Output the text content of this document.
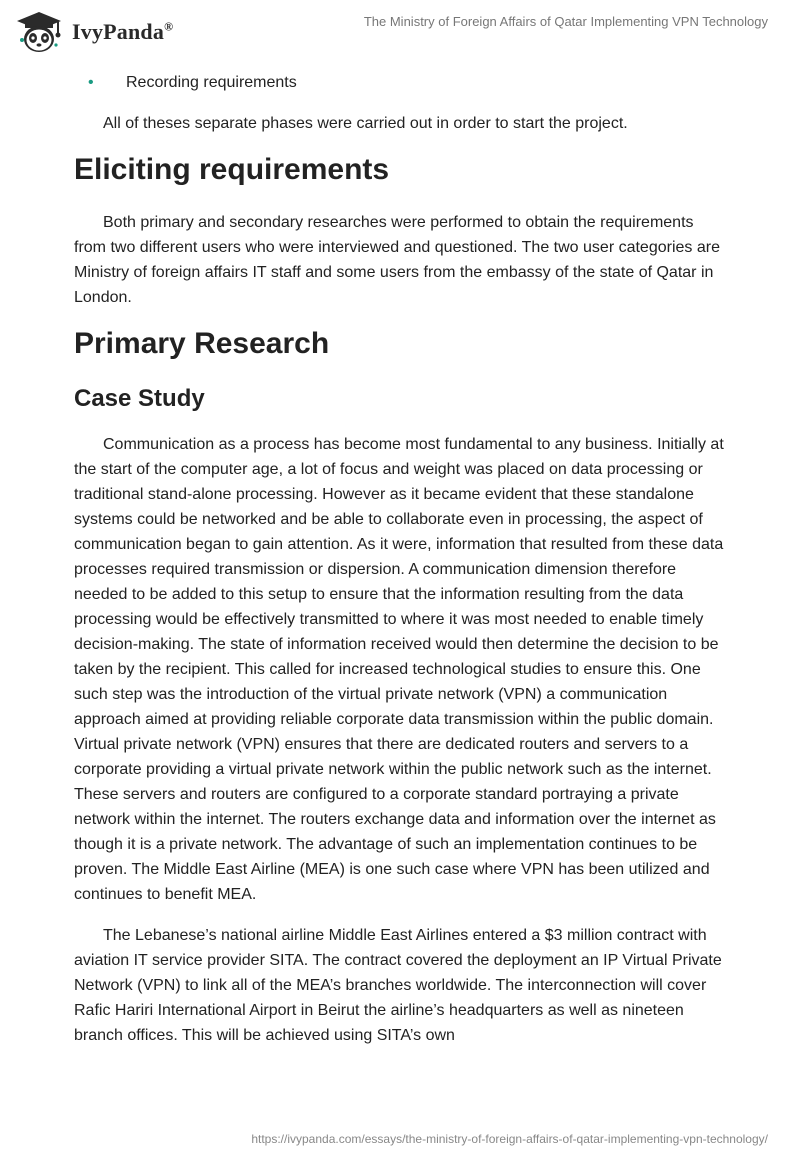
IvyPanda®	The Ministry of Foreign Affairs of Qatar Implementing VPN Technology
•	Recording requirements

All of theses separate phases were carried out in order to start the project.

Eliciting requirements

Both primary and secondary researches were performed to obtain the requirements from two different users who were interviewed and questioned. The two user categories are Ministry of foreign affairs IT staff and some users from the embassy of the state of Qatar in London.

Primary Research
Case Study

Communication as a process has become most fundamental to any business. Initially at the start of the computer age, a lot of focus and weight was placed on data processing or traditional stand-alone processing. However as it became evident that these standalone systems could be networked and be able to collaborate even in processing, the aspect of communication began to gain attention. As it were, information that resulted from these data processes required transmission or dispersion. A communication dimension therefore needed to be added to this setup to ensure that the information resulting from the data processing would be effectively transmitted to where it was most needed to enable timely decision-making. The state of information received would then determine the decision to be taken by the recipient. This called for increased technological studies to ensure this. One such step was the introduction of the virtual private network (VPN) a communication approach aimed at providing reliable corporate data transmission within the public domain. Virtual private network (VPN) ensures that there are dedicated routers and servers to a corporate providing a virtual private network within the public network such as the internet. These servers and routers are configured to a corporate standard portraying a private network within the internet. The routers exchange data and information over the internet as though it is a private network. The advantage of such an implementation continues to be proven. The Middle East Airline (MEA) is one such case where VPN has been utilized and continues to benefit MEA.

The Lebanese’s national airline Middle East Airlines entered a $3 million contract with aviation IT service provider SITA. The contract covered the deployment an IP Virtual Private Network (VPN) to link all of the MEA’s branches worldwide. The interconnection will cover Rafic Hariri International Airport in Beirut the airline’s headquarters as well as nineteen branch offices. This will be achieved using SITA’s own

https://ivypanda.com/essays/the-ministry-of-foreign-affairs-of-qatar-implementing-vpn-technology/
